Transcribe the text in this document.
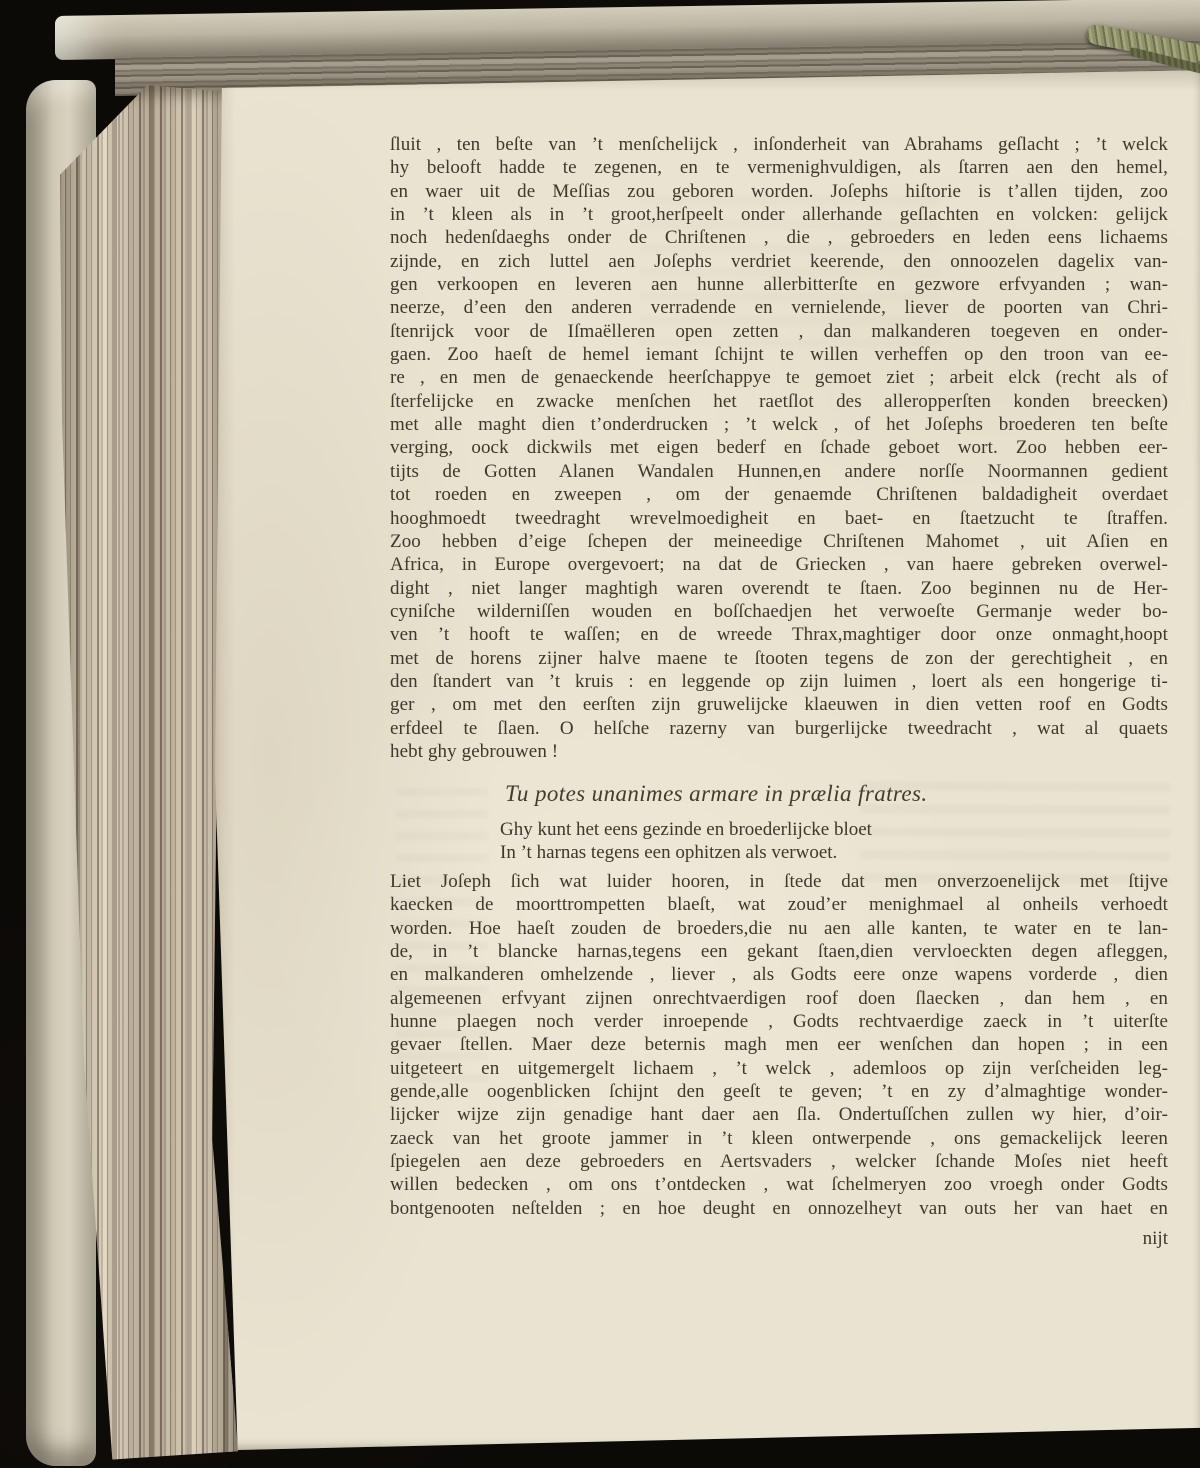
ſluit , ten beſte van ’t menſchelijck , inſonderheit van Abrahams geſlacht ; ’t welck
hy belooft hadde te zegenen, en te vermenighvuldigen, als ſtarren aen den hemel,
en waer uit de Meſſias zou geboren worden. Joſephs hiſtorie is t’allen tijden, zoo
in ’t kleen als in ’t groot,herſpeelt onder allerhande geſlachten en volcken: gelijck
noch hedenſdaeghs onder de Chriſtenen , die , gebroeders en leden eens lichaems
zijnde, en zich luttel aen Joſephs verdriet keerende, den onnoozelen dagelix van-
gen verkoopen en leveren aen hunne allerbitterſte en gezwore erfvyanden ; wan-
neerze, d’een den anderen verradende en vernielende, liever de poorten van Chri-
ſtenrijck voor de Iſmaëlleren open zetten , dan malkanderen toegeven en onder-
gaen. Zoo haeſt de hemel iemant ſchijnt te willen verheffen op den troon van ee-
re , en men de genaeckende heerſchappye te gemoet ziet ; arbeit elck (recht als of
ſterfelijcke en zwacke menſchen het raetſlot des alleropperſten konden breecken)
met alle maght dien t’onderdrucken ; ’t welck , of het Joſephs broederen ten beſte
verging, oock dickwils met eigen bederf en ſchade geboet wort. Zoo hebben eer-
tijts de Gotten Alanen Wandalen Hunnen,en andere norſſe Noormannen gedient
tot roeden en zweepen , om der genaemde Chriſtenen baldadigheit overdaet
hooghmoedt tweedraght wrevelmoedigheit en baet- en ſtaetzucht te ſtraffen.
Zoo hebben d’eige ſchepen der meineedige Chriſtenen Mahomet , uit Aſien en
Africa, in Europe overgevoert; na dat de Griecken , van haere gebreken overwel-
dight , niet langer maghtigh waren overendt te ſtaen. Zoo beginnen nu de Her-
cyniſche wilderniſſen wouden en boſſchaedjen het verwoeſte Germanje weder bo-
ven ’t hooft te waſſen; en de wreede Thrax,maghtiger door onze onmaght,hoopt
met de horens zijner halve maene te ſtooten tegens de zon der gerechtigheit , en
den ſtandert van ’t kruis : en leggende op zijn luimen , loert als een hongerige ti-
ger , om met den eerſten zijn gruwelijcke klaeuwen in dien vetten roof en Godts
erfdeel te ſlaen. O helſche razerny van burgerlijcke tweedracht , wat al quaets
hebt ghy gebrouwen !
Liet Joſeph ſich wat luider hooren, in ſtede dat men onverzoenelijck met ſtijve
kaecken de moorttrompetten blaeſt, wat zoud’er menighmael al onheils verhoedt
worden. Hoe haeſt zouden de broeders,die nu aen alle kanten, te water en te lan-
de, in ’t blancke harnas,tegens een gekant ſtaen,dien vervloeckten degen afleggen,
en malkanderen omhelzende , liever , als Godts eere onze wapens vorderde , dien
algemeenen erfvyant zijnen onrechtvaerdigen roof doen ſlaecken , dan hem , en
hunne plaegen noch verder inroepende , Godts rechtvaerdige zaeck in ’t uiterſte
gevaer ſtellen. Maer deze beternis magh men eer wenſchen dan hopen ; in een
uitgeteert en uitgemergelt lichaem , ’t welck , ademloos op zijn verſcheiden leg-
gende,alle oogenblicken ſchijnt den geeſt te geven; ’t en zy d’almaghtige wonder-
lijcker wijze zijn genadige hant daer aen ſla. Ondertuſſchen zullen wy hier, d’oir-
zaeck van het groote jammer in ’t kleen ontwerpende , ons gemackelijck leeren
ſpiegelen aen deze gebroeders en Aertsvaders , welcker ſchande Moſes niet heeft
willen bedecken , om ons t’ontdecken , wat ſchelmeryen zoo vroegh onder Godts
bontgenooten neſtelden ; en hoe deught en onnozelheyt van outs her van haet en
Tu potes unanimes armare in prælia fratres.
Ghy kunt het eens gezinde en broederlijcke bloet
In ’t harnas tegens een ophitzen als verwoet.
nijt
